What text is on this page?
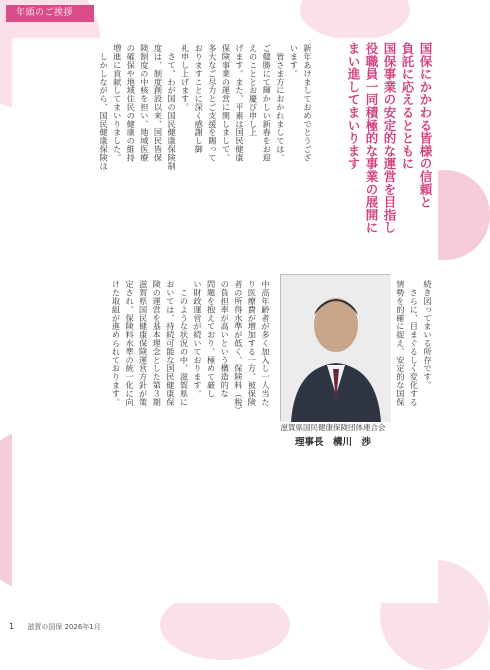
年頭のご挨拶
国保にかかわる皆様の信頼と
負託に応えるとともに
国保事業の安定的な運営を目指し
役職員一同積極的な事業の展開に
まい進してまいります
新年あけましておめでとうござ
います。
　皆さま方におかれましては、
ご健勝にて輝かしい新春をお迎
えのこととお慶び申し上
げます。また、平素は国民健康
保険事業の運営に関しまして、
多大なご尽力とご支援を賜って
おりますことに深く感謝し御
礼申し上げます。
　さて、わが国の国民健康保険制
度は、制度創設以来、国民皆保
険制度の中核を担い、地域医療
の確保や地域住民の健康の維持
増進に貢献してまいりました。
　しかしながら、国民健康保険は
中高年齢者が多く加入し一人当た
り医療費が増加する一方、被保険
者の所得水準が低く、保険料（税）
の負担率が高いという構造的な
問題を抱えており、極めて厳し
い財政運営が続いております。
　このような状況の中、滋賀県に
おいては、持続可能な国民健康保
険の運営を基本理念とした第３期
滋賀県国民健康保険運営方針が策
定され、保険料水準の統一化に向
けた取組が進められております。	続き図ってまいる所存です。
　さらに、目まぐるしく変化する
情勢を的確に捉え、安定的な国保

滋賀県国民健康保険団体連合会
理事長　構川　渉
1 滋賀の国保 2026年1月
